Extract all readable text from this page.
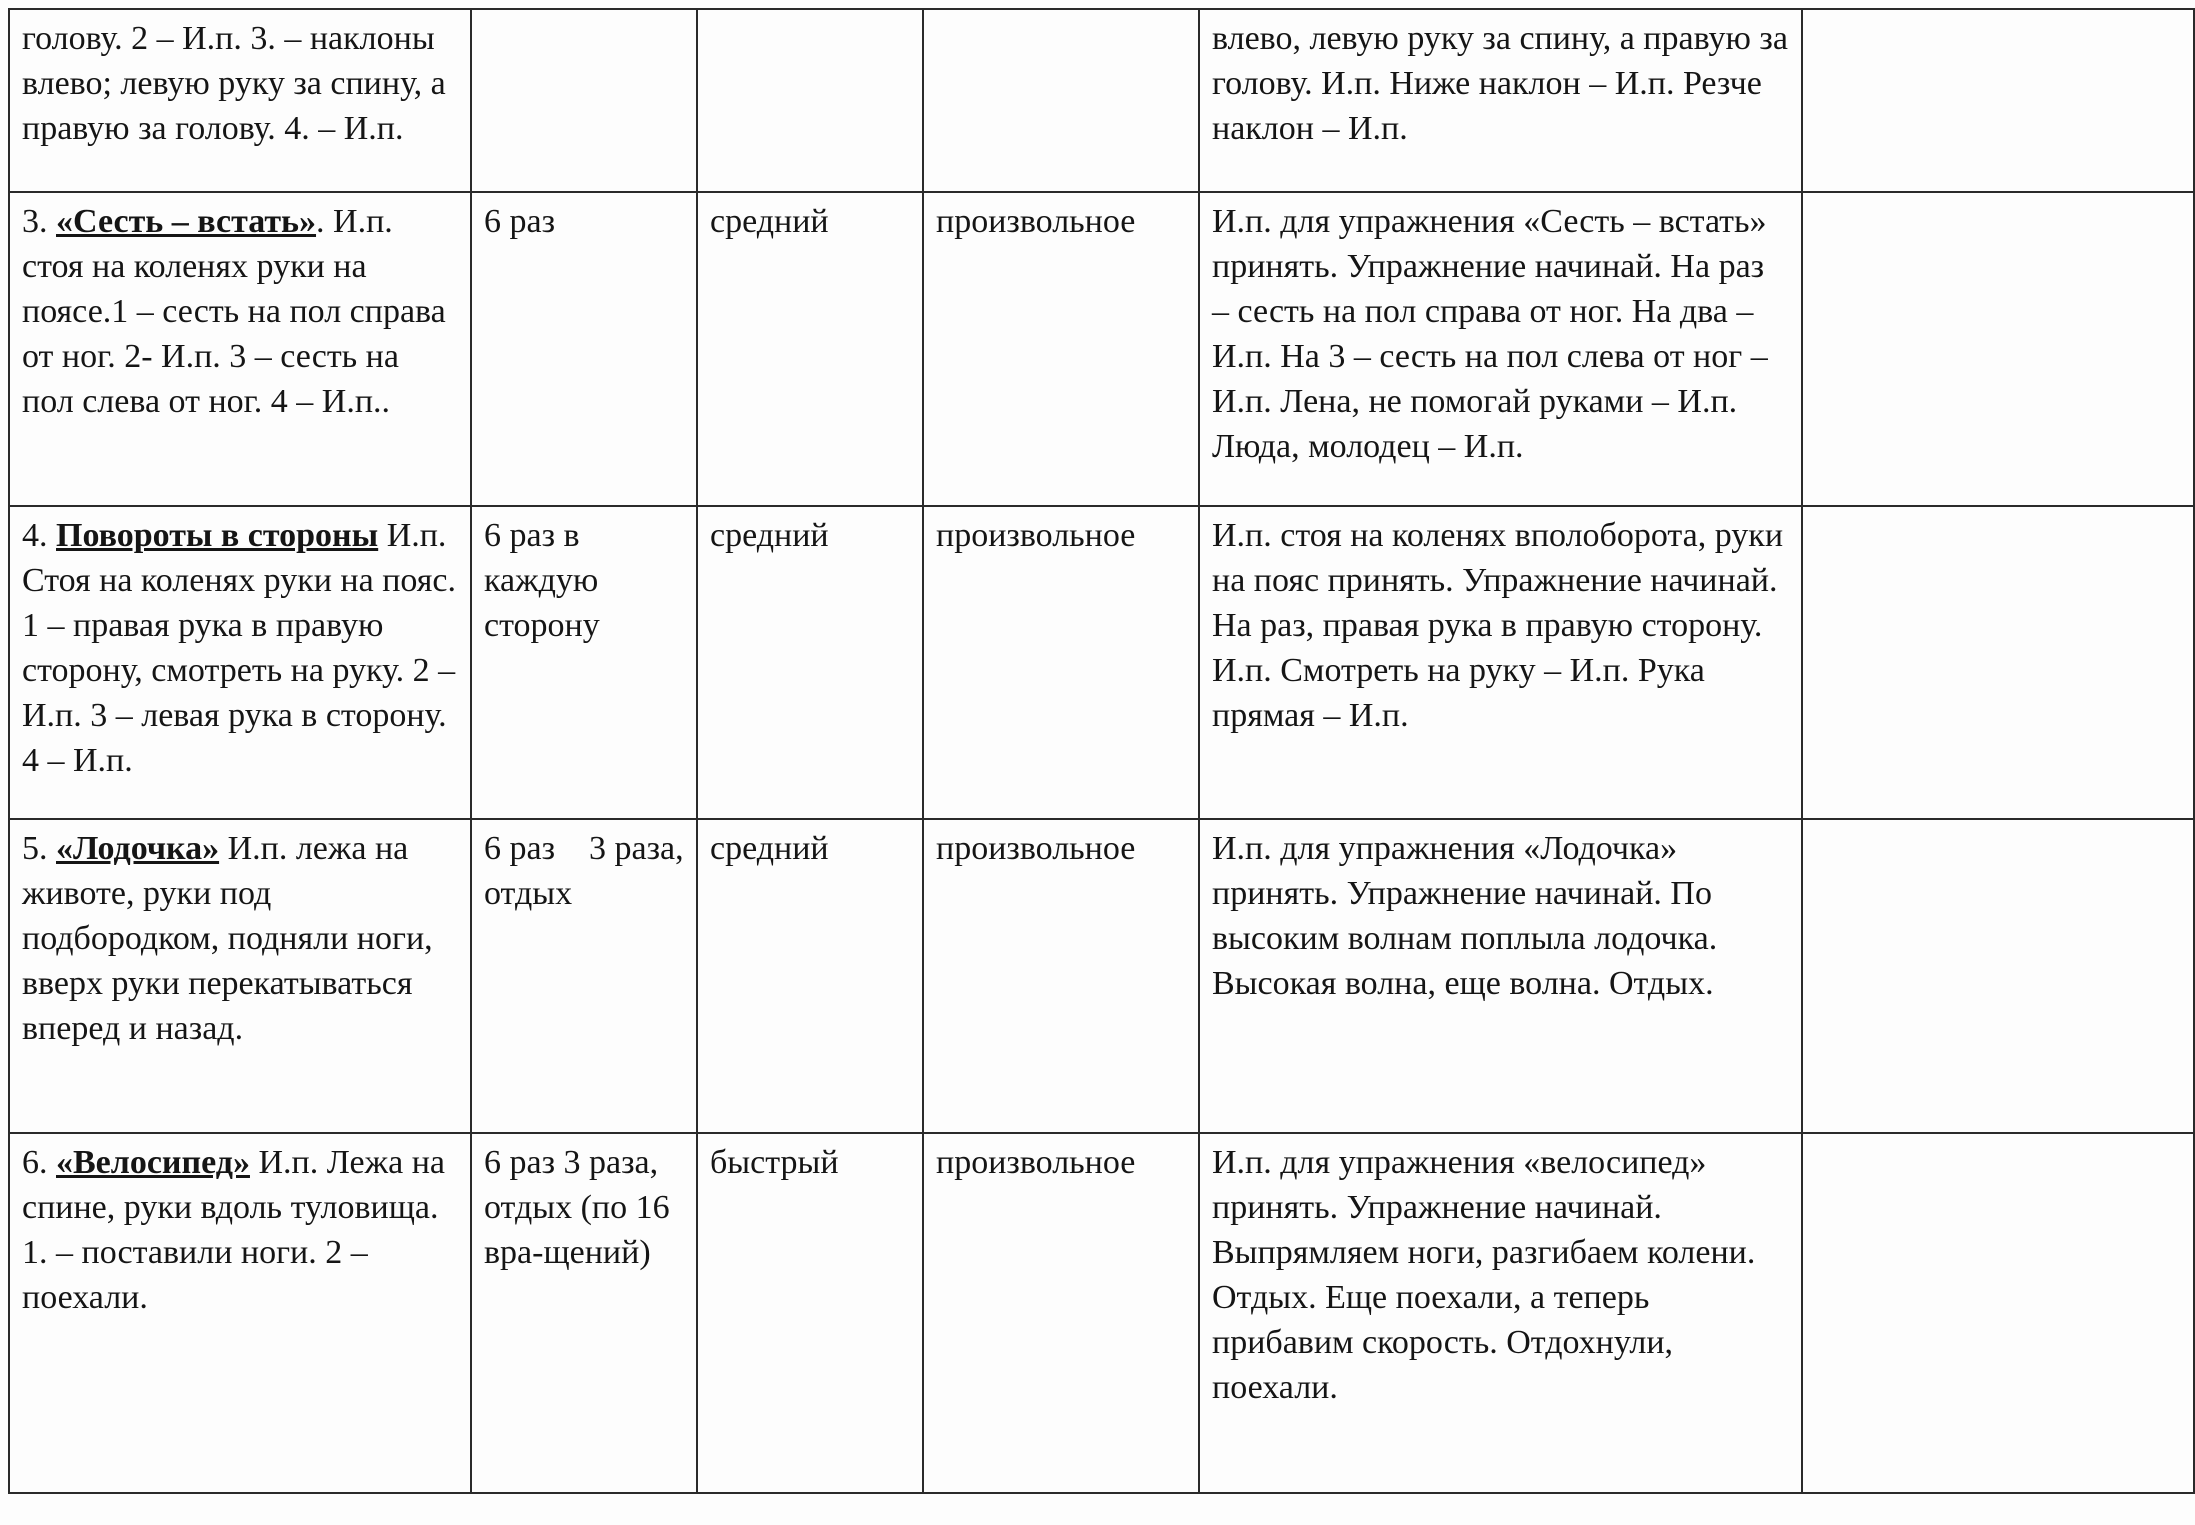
голову. 2 – И.п. 3. – наклоны влево; левую руку за спину, а правую за голову. 4. – И.п.				влево, левую руку за спину, а правую за голову. И.п. Ниже наклон – И.п. Резче наклон – И.п.	
3. «Сесть – встать». И.п. стоя на коленях руки на поясе.1 – сесть на пол справа от ног. 2- И.п. 3 – сесть на пол слева от ног. 4 – И.п..	6 раз	средний	произвольное	И.п. для упражнения «Сесть – встать» принять. Упражнение начинай. На раз – сесть на пол справа от ног. На два – И.п. На 3 – сесть на пол слева от ног – И.п. Лена, не помогай руками – И.п. Люда, молодец – И.п.	
4. Повороты в стороны И.п. Стоя на коленях руки на пояс. 1 – правая рука в правую сторону, смотреть на руку. 2 – И.п. 3 – левая рука в сторону. 4 – И.п.	6 раз в каждую сторону	средний	произвольное	И.п. стоя на коленях вполоборота, руки на пояс принять. Упражнение начинай. На раз, правая рука в правую сторону. И.п. Смотреть на руку – И.п. Рука прямая – И.п.	
5. «Лодочка» И.п. лежа на животе, руки под подбородком, подняли ноги, вверх руки перекатываться вперед и назад.	6 раз    3 раза, отдых	средний	произвольное	И.п. для упражнения «Лодочка» принять. Упражнение начинай. По высоким волнам поплыла лодочка. Высокая волна, еще волна. Отдых.	
6. «Велосипед» И.п. Лежа на спине, руки вдоль туловища. 1. – поставили ноги. 2 – поехали.	6 раз 3 раза, отдых (по 16 вра-щений)	быстрый	произвольное	И.п. для упражнения «велосипед» принять. Упражнение начинай. Выпрямляем ноги, разгибаем колени. Отдых. Еще поехали, а теперь прибавим скорость. Отдохнули, поехали.	
